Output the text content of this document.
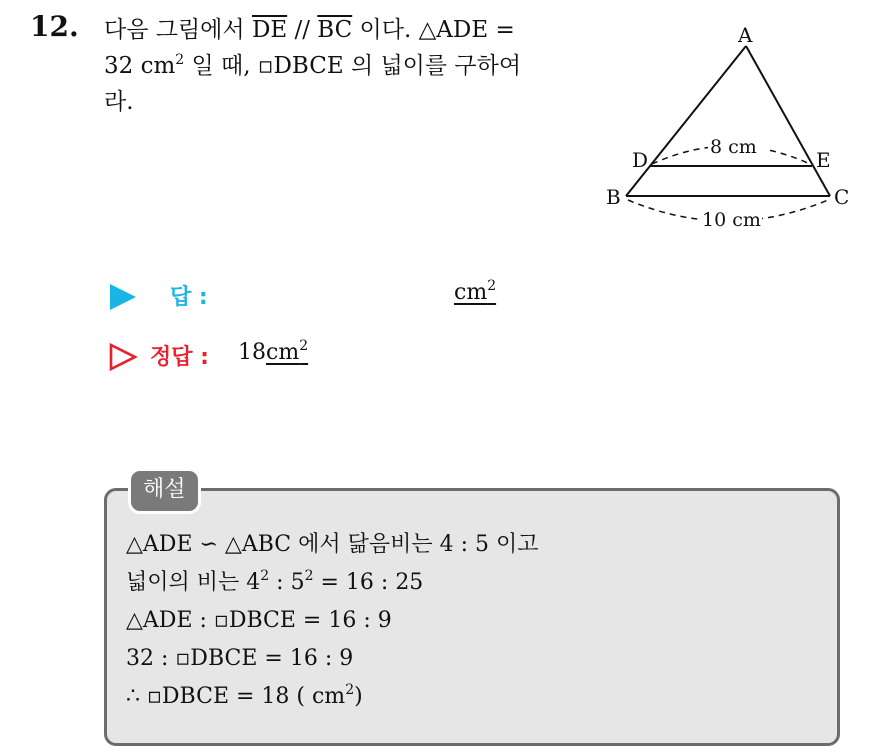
12. 다음 그림에서 $\overline{DE} // \overline{BC}$ 이다. △ADE =
32 $cm^2$ 일 때, ▫DBCE 의 넓이를 구하여
라.
A
B	C
D	E
8 cm
10 cm
답 :	$cm^2$
정답 : $18cm^2$
해설
△ADE ∽ △ABC 에서 닮음비는 4 : 5 이고
넓이의 비는 $4^2$ : $5^2 = 16$ : 25
△ADE : ▫DBCE = 16 : 9
32 : ▫DBCE = 16 : 9
∴ ▫DBCE = 18 ( $cm^2$)
